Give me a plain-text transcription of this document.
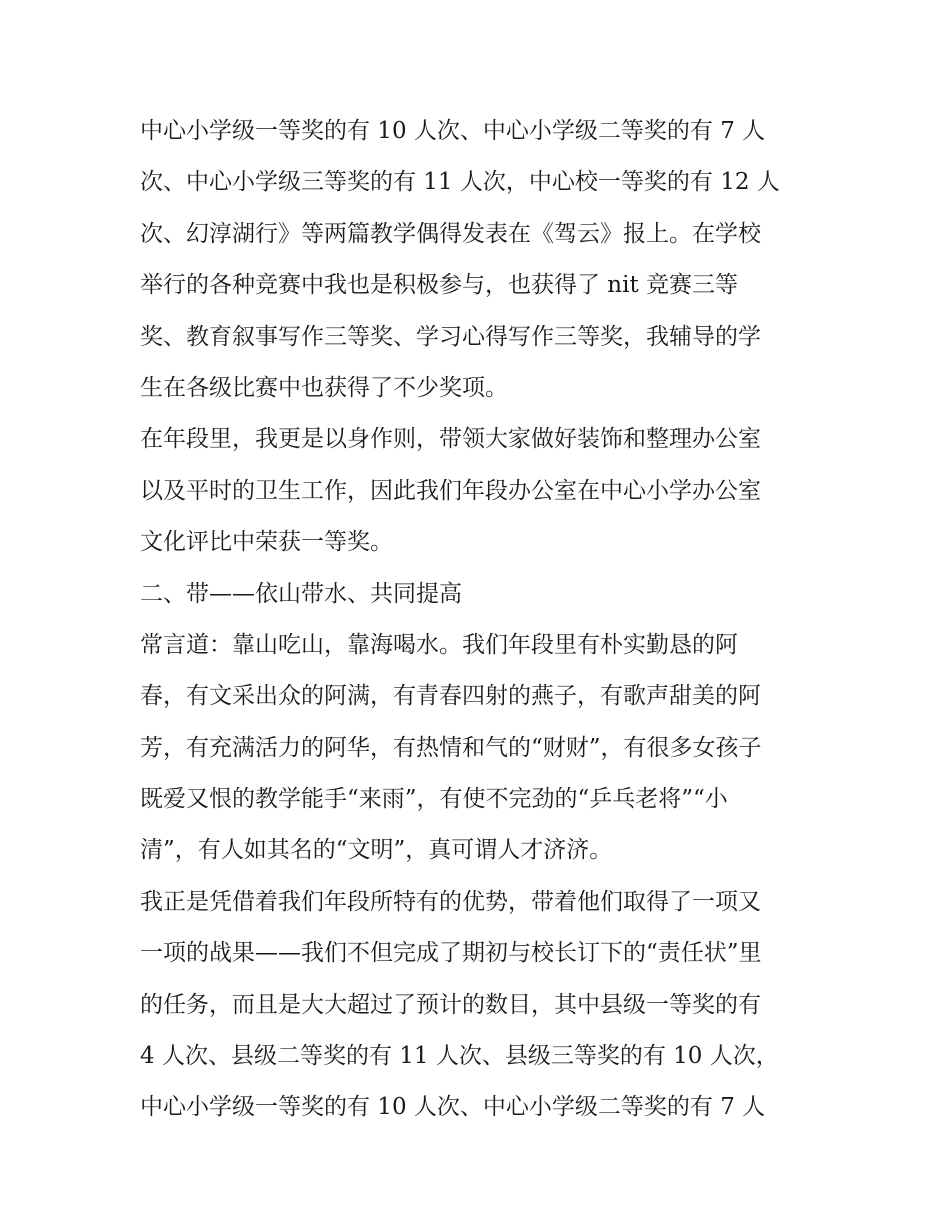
中心小学级一等奖的有 10 人次、中心小学级二等奖的有 7 人
次、中心小学级三等奖的有 11 人次，中心校一等奖的有 12 人
次、幻淳湖行》等两篇教学偶得发表在《驾云》报上。在学校
举行的各种竞赛中我也是积极参与，也获得了 nit 竞赛三等
奖、教育叙事写作三等奖、学习心得写作三等奖，我辅导的学
生在各级比赛中也获得了不少奖项。
在年段里，我更是以身作则，带领大家做好装饰和整理办公室
以及平时的卫生工作，因此我们年段办公室在中心小学办公室
文化评比中荣获一等奖。
二、带——依山带水、共同提高
常言道：靠山吃山，靠海喝水。我们年段里有朴实勤恳的阿
春，有文采出众的阿满，有青春四射的燕子，有歌声甜美的阿
芳，有充满活力的阿华，有热情和气的“财财”，有很多女孩子
既爱又恨的教学能手“来雨”，有使不完劲的“乒乓老将”“小
清”，有人如其名的“文明”，真可谓人才济济。
我正是凭借着我们年段所特有的优势，带着他们取得了一项又
一项的战果——我们不但完成了期初与校长订下的“责任状”里
的任务，而且是大大超过了预计的数目，其中县级一等奖的有
4 人次、县级二等奖的有 11 人次、县级三等奖的有 10 人次，
中心小学级一等奖的有 10 人次、中心小学级二等奖的有 7 人
